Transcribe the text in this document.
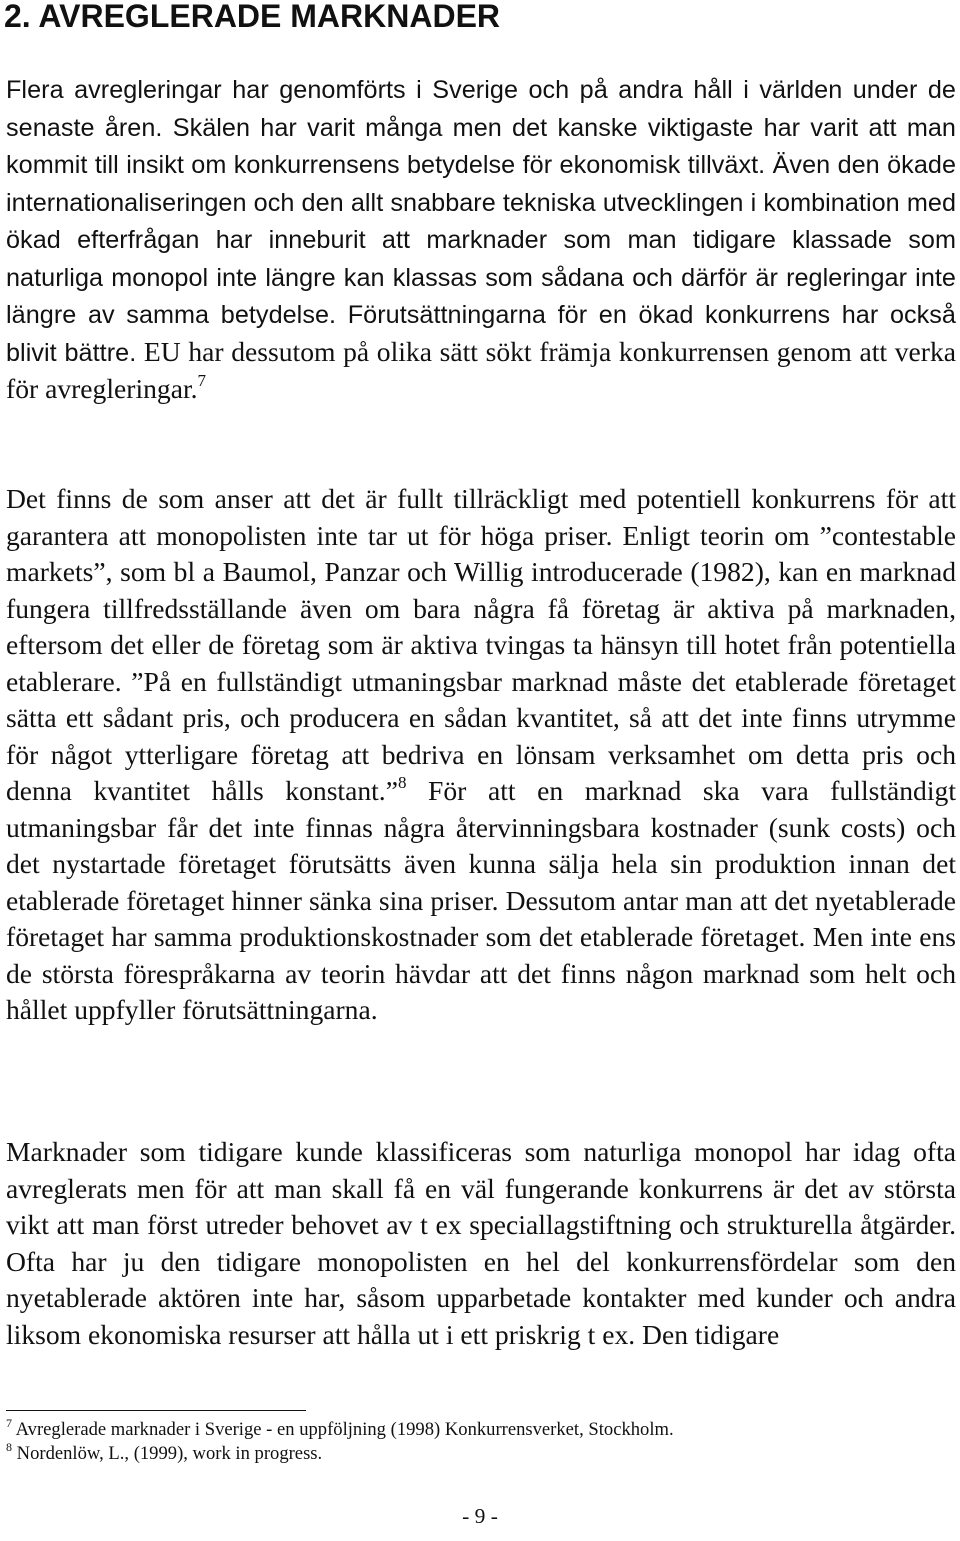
2. AVREGLERADE MARKNADER

Flera avregleringar har genomförts i Sverige och på andra håll i världen under de senaste åren. Skälen har varit många men det kanske viktigaste har varit att man kommit till insikt om konkurrensens betydelse för ekonomisk tillväxt. Även den ökade internationaliseringen och den allt snabbare tekniska utvecklingen i kombination med ökad efterfrågan har inneburit att marknader som man tidigare klassade som naturliga monopol inte längre kan klassas som sådana och därför är regleringar inte längre av samma betydelse. Förutsättningarna för en ökad konkurrens har också blivit bättre. EU har dessutom på olika sätt sökt främja konkurrensen genom att verka för avregleringar.$^7$

Det finns de som anser att det är fullt tillräckligt med potentiell konkurrens för att garantera att monopolisten inte tar ut för höga priser. Enligt teorin om ”contestable markets”, som bl a Baumol, Panzar och Willig introducerade (1982), kan en marknad fungera tillfredsställande även om bara några få företag är aktiva på marknaden, eftersom det eller de företag som är aktiva tvingas ta hänsyn till hotet från potentiella etablerare. ”På en fullständigt utmaningsbar marknad måste det etablerade företaget sätta ett sådant pris, och producera en sådan kvantitet, så att det inte finns utrymme för något ytterligare företag att bedriva en lönsam verksamhet om detta pris och denna kvantitet hålls konstant.”$^8$ För att en marknad ska vara fullständigt utmaningsbar får det inte finnas några återvinningsbara kostnader (sunk costs) och det nystartade företaget förutsätts även kunna sälja hela sin produktion innan det etablerade företaget hinner sänka sina priser. Dessutom antar man att det nyetablerade företaget har samma produktionskostnader som det etablerade företaget. Men inte ens de största förespråkarna av teorin hävdar att det finns någon marknad som helt och hållet uppfyller förutsättningarna.

Marknader som tidigare kunde klassificeras som naturliga monopol har idag ofta avreglerats men för att man skall få en väl fungerande konkurrens är det av största vikt att man först utreder behovet av t ex speciallagstiftning och strukturella åtgärder. Ofta har ju den tidigare monopolisten en hel del konkurrensfördelar som den nyetablerade aktören inte har, såsom upparbetade kontakter med kunder och andra liksom ekonomiska resurser att hålla ut i ett priskrig t ex. Den tidigare

$^7$ Avreglerade marknader i Sverige - en uppföljning (1998) Konkurrensverket, Stockholm.

$^8$ Nordenlöw, L., (1999), work in progress.

- 9 -
